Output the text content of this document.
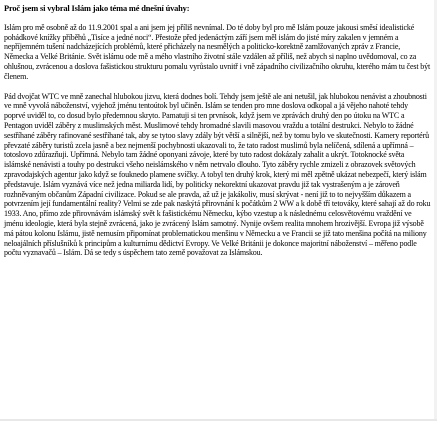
Proč jsem si vybral Islám jako téma mé dnešní úvahy:

Islám pro mě osobně až do 11.9.2001 spal a ani jsem jej příliš nevnímal. Do té doby byl pro mě Islám pouze jakousi směsí idealistické pohádkové knížky příběhů „Tisíce a jedné noci“. Přestože před jedenáctým září jsem měl islám do jisté míry zakalen v jemném a nepříjemném tušení nadcházejících problémů, které přicházely na nesmělých a politicko-korektně zamlžovaných zpráv z Francie, Německa a Velké Británie. Svět islámu ode mě a mého vlastního životní stále vzdálen až příliš, než abych si naplno uvědomoval, co za ohlušnou, zvrácenou a doslova fašistickou strukturu pomalu vyrůstalo uvnitř i vně západního civilizačního okruhu, kterého mám tu čest být členem.

Pád dvojčat WTC ve mně zanechal hlubokou jizvu, která dodnes bolí. Tehdy jsem ještě ale ani netušil, jak hlubokou nenávist a zhoubnosti ve mně vyvolá náboženství, vyjehož jménu tentoútok byl učiněn. Islám se tenden pro mne doslova odkopal a já vějeho nahoté tehdy poprvé uviděl to, co dosud bylo předemnou skryto. Pamatuji si ten prvnísok, když jsem ve zprávách druhý den po útoku na WTC a Pentagon uviděl záběry z muslimských měst. Muslimové tehdy hromadné slavili masovou vraždu a totální destrukci. Nebylo to žádné sestříhané záběry rafinované sestříhané tak, aby se tytoo slavy zdály být větší a silnější, než by tomu bylo ve skutečnosti. Kamery reportérů převzaté záběry turistů zcela jasně a bez nejmenší pochybnosti ukazovali to, že tato radost muslimů byla nelíčená, sdílená a upřímná – totoslovo zdůrazňuji. Upřímná. Nebylo tam žádné oponyani závoje, které by tuto radost dokázaly zahalit a ukrýt. Totoknocké světa islámské nenávisti a touhy po destrukci všeho neislámského v něm netrvalo dlouho. Tyto záběry rychle zmizeli z obrazovek světových zpravodajských agentur jako když se fouknedo plamene svíčky. A tobyl ten druhý krok, který mi měl zpětně ukázat nebezpečí, který islám představuje. Islám vyznává více než jedna miliarda lidí, by politicky nekorektní ukazovat pravdu již tak vystrašeným a je zároveň rozhněvaným občanům Západní civilizace. Pokud se ale pravda, až už je jakákoliv, musí skrývat - není již to to nejvyšším důkazem a potvrzením její fundamentální reality? Velmi se zde pak naskýtá přirovnání k počátkům 2 WW a k době tří tetováky, které sahají až do roku 1933. Ano, přímo zde přirovnávám islámský svět k fašistickému Německu, kýbo vzestup a k následnému celosvětovému vraždění ve jménu ideologie, která byla stejně zvrácená, jako je zvrácený Islám samotný. Nynije ovšem realita mnohem hrozivější. Evropa již výsobě má pátou kolonu Islámu, jistě nemusím připomínat problematickou menšinu v Německu a ve Francii se již tato menšina počítá na miliony neloajálních příslušníků k principům a kulturnímu dědictví Evropy. Ve Velké Británii je dokonce majoritní náboženství – měřeno podle počtu vyznavačů – Islám. Dá se tedy s úspěchem tato země považovat za Islámskou.
